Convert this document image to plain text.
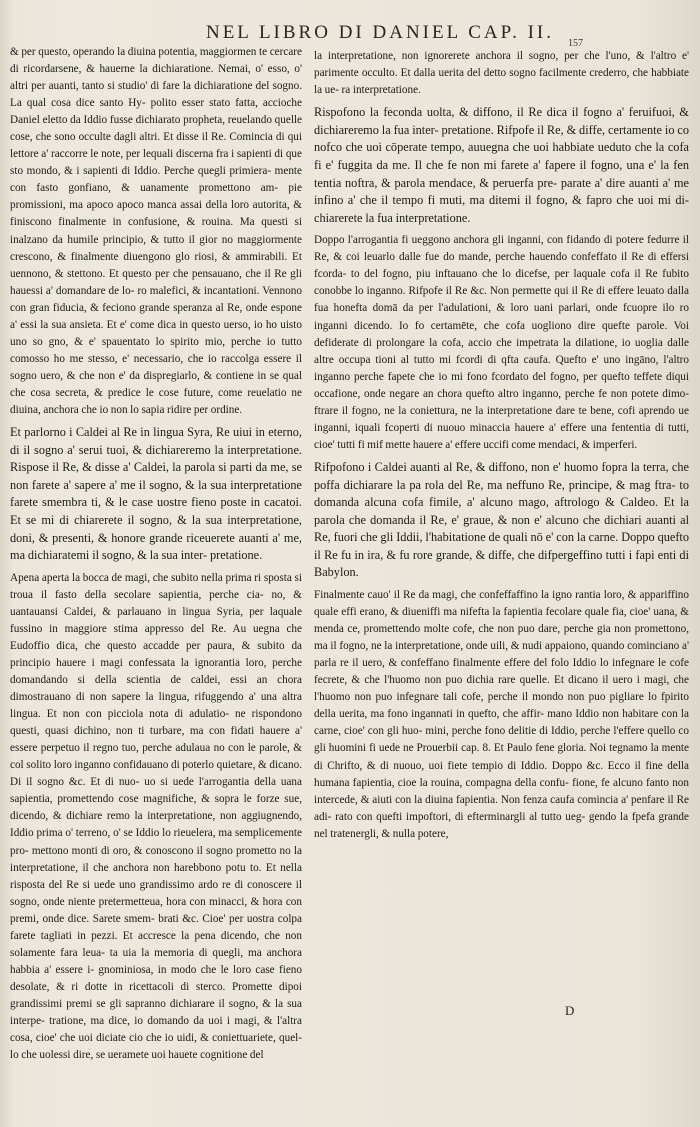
NEL LIBRO DI DANIEL CAP. II.
157

& per questo, operando la diuina potentia, maggiormen te cercare di ricordarsene, & hauerne la dichiaratione. Nemai, o' esso, o' altri per auanti, tanto si studio' di fare la dichiaratione del sogno. La qual cosa dice santo Hy- polito esser stato fatta, accioche Daniel eletto da Iddio fusse dichiarato propheta, reuelando quelle cose, che sono occulte dagli altri. Et disse il Re. Comincia di qui lettore a' raccorre le note, per lequali discerna fra i sapienti di que sto mondo, & i sapienti di Iddio. Perche quegli primiera- mente con fasto gonfiano, & uanamente promettono am- pie promissioni, ma apoco apoco manca assai della loro autorita, & finiscono finalmente in confusione, & rouina. Ma questi si inalzano da humile principio, & tutto il gior no maggiormente crescono, & finalmente diuengono glo riosi, & ammirabili. Et uennono, & stettono. Et questo per che pensauano, che il Re gli hauessi a' domandare de lo- ro malefici, & incantationi. Vennono con gran fiducia, & feciono grande speranza al Re, onde espone a' essi la sua ansieta. Et e' come dica in questo uerso, io ho uisto uno so gno, & e' spauentato lo spirito mio, perche io tutto comosso ho me stesso, e' necessario, che io raccolga essere il sogno uero, & che non e' da dispregiarlo, & contiene in se qual che cosa secreta, & predice le cose future, come reuelatio ne diuina, anchora che io non lo sapia ridire per ordine.

Et parlorno i Caldei al Re in lingua Syra, Re uiui in eterno, di il sogno a' serui tuoi, & dichiareremo la interpretatione. Rispose il Re, & disse a' Caldei, la parola si parti da me, se non farete a' sapere a' me il sogno, & la sua interpretatione farete smembra ti, & le case uostre fieno poste in cacatoi. Et se mi di chiarerete il sogno, & la sua interpretatione, doni, & presenti, & honore grande riceuerete auanti a' me, ma dichiaratemi il sogno, & la sua inter- pretatione.

Apena aperta la bocca de magi, che subito nella prima ri sposta si troua il fasto della secolare sapientia, perche cia- no, & uantauansi Caldei, & parlauano in lingua Syria, per laquale fussino in maggiore stima appresso del Re. Au uegna che Eudoffio dica, che questo accadde per paura, & subito da principio hauere i magi confessata la ignorantia loro, perche domandando si della scientia de caldei, essi an chora dimostrauano di non sapere la lingua, rifuggendo a' una altra lingua. Et non con picciola nota di adulatio- ne rispondono questi, quasi dichino, non ti turbare, ma con fidati hauere a' essere perpetuo il regno tuo, perche adulaua no con le parole, & col solito loro inganno confidauano di poterlo quietare, & dicano. Di il sogno &c. Et di nuo- uo si uede l'arrogantia della uana sapientia, promettendo cose magnifiche, & sopra le forze sue, dicendo, & dichiare remo la interpretatione, non aggiugnendo, Iddio prima o' terreno, o' se Iddio lo rieuelera, ma semplicemente pro- mettono monti di oro, & conoscono il sogno prometto no la interpretatione, il che anchora non harebbono potu to. Et nella risposta del Re si uede uno grandissimo ardo re di conoscere il sogno, onde niente pretermetteua, hora con minacci, & hora con premi, onde dice. Sarete smem- brati &c. Cioe' per uostra colpa farete tagliati in pezzi. Et accresce la pena dicendo, che non solamente fara leua- ta uia la memoria di quegli, ma anchora habbia a' essere i- gnominiosa, in modo che le loro case fieno desolate, & ri dotte in ricettacoli di sterco. Promette dipoi grandissimi premi se gli sapranno dichiarare il sogno, & la sua interpe- tratione, ma dice, io domando da uoi i magi, & l'altra cosa, cioe' che uoi diciate cio che io uidi, & coniettuariete, quel- lo che uolessi dire, se ueramete uoi hauete cognitione del

la interpretatione, non ignorerete anchora il sogno, per che l'uno, & l'altro e' parimente occulto. Et dalla uerita del detto sogno facilmente crederro, che habbiate la ue- ra interpretatione.

Rispofono la feconda uolta, & diffono, il Re dica il fogno a' feruifuoi, & dichiareremo la fua inter- pretatione. Rifpofe il Re, & diffe, certamente io co nofco che uoi cōperate tempo, auuegna che uoi habbiate ueduto che la cofa fi e' fuggita da me. Il che fe non mi farete a' fapere il fogno, una e' la fen tentia noftra, & parola mendace, & peruerfa pre- parate a' dire auanti a' me infino a' che il tempo fi muti, ma ditemi il fogno, & fapro che uoi mi di- chiarerete la fua interpretatione.

Doppo l'arrogantia fi ueggono anchora gli inganni, con fidando di potere fedurre il Re, & coi leuarlo dalle fue do mande, perche hauendo confeffato il Re di effersi fcorda- to del fogno, piu inftauano che lo dicefse, per laquale cofa il Re fubito conobbe lo inganno. Rifpofe il Re &c. Non permette qui il Re di effere leuato dalla fua honefta domā da per l'adulationi, & loro uani parlari, onde fcuopre ilo ro inganni dicendo. Io fo certamēte, che cofa uogliono dire quefte parole. Voi defiderate di prolongare la cofa, accio che impetrata la dilatione, io uoglia dalle altre occupa tioni al tutto mi fcordi di qfta caufa. Quefto e' uno ingāno, l'altro inganno perche fapete che io mi fono fcordato del fogno, per quefto teffete diqui occafione, onde negare an chora quefto altro inganno, perche fe non potete dimo- ftrare il fogno, ne la coniettura, ne la interpretatione dare te bene, cofi aprendo ue inganni, iquali fcoperti di nuouo minaccia hauere a' effere una fententia di tutti, cioe' tutti fi mif mette hauere a' effere uccifi come mendaci, & imperferi.

Rifpofono i Caldei auanti al Re, & diffono, non e' huomo fopra la terra, che poffa dichiarare la pa rola del Re, ma neffuno Re, principe, & mag ftra- to domanda alcuna cofa fimile, a' alcuno mago, aftrologo & Caldeo. Et la parola che domanda il Re, e' graue, & non e' alcuno che dichiari auanti al Re, fuori che gli Iddii, l'habitatione de quali nō e' con la carne. Doppo quefto il Re fu in ira, & fu rore grande, & diffe, che difpergeffino tutti i fapi enti di Babylon.

Finalmente cauo' il Re da magi, che confeffaffino la igno rantia loro, & appariffino quale effi erano, & diueniffi ma nifefta la fapientia fecolare quale fia, cioe' uana, & menda ce, promettendo molte cofe, che non puo dare, perche gia non promettono, ma il fogno, ne la interpretatione, onde uili, & nudi appaiono, quando cominciano a' parla re il uero, & confeffano finalmente effere del folo Iddio lo infegnare le cofe fecrete, & che l'huomo non puo dichia rare quelle. Et dicano il uero i magi, che l'huomo non puo infegnare tali cofe, perche il mondo non puo pigliare lo fpirito della uerita, ma fono ingannati in quefto, che affir- mano Iddio non habitare con la carne, cioe' con gli huo- mini, perche fono delitie di Iddio, perche l'effere quello co gli huomini fi uede ne Prouerbii cap. 8. Et Paulo fene gloria. Noi tegnamo la mente di Chrifto, & di nuouo, uoi fiete tempio di Iddio. Doppo &c. Ecco il fine della humana fapientia, cioe la rouina, compagna della confu- fione, fe alcuno fanto non intercede, & aiuti con la diuina fapientia. Non fenza caufa comincia a' penfare il Re adi- rato con quefti impoftori, di efterminargli al tutto ueg- gendo la fpefa grande nel tratenergli, & nulla potere,

D
